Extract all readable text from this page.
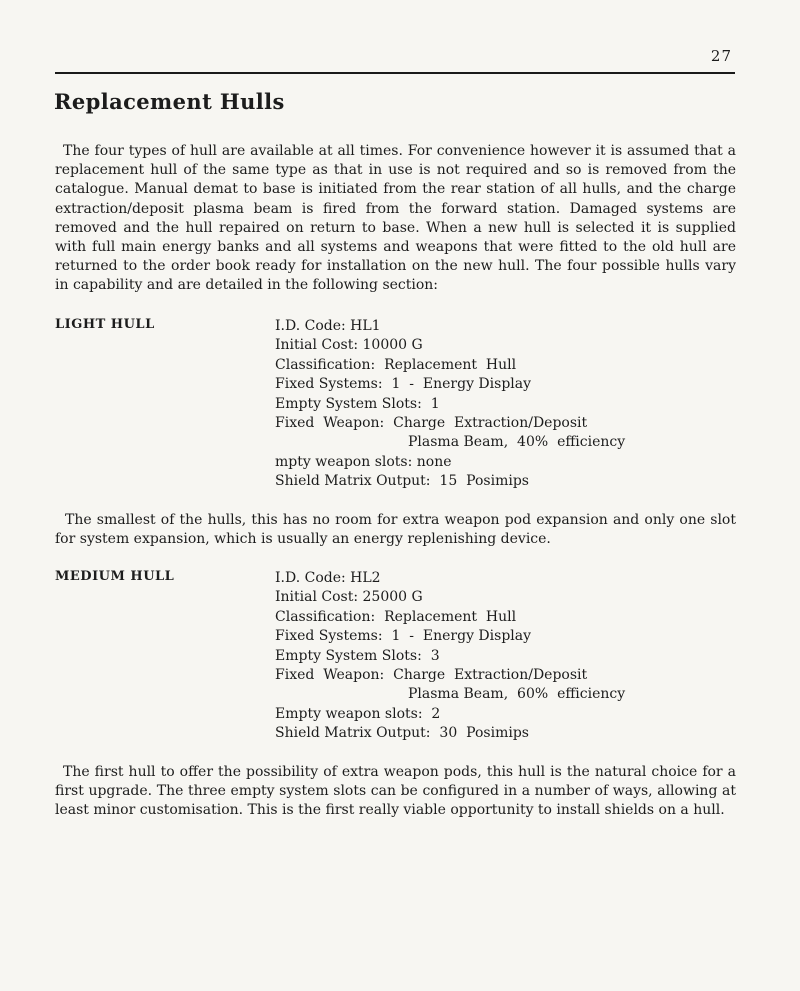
27
Replacement Hulls

The four types of hull are available at all times. For convenience however it is assumed that a replacement hull of the same type as that in use is not required and so is removed from the catalogue. Manual demat to base is initiated from the rear station of all hulls, and the charge extraction/deposit plasma beam is fired from the forward station. Damaged systems are removed and the hull repaired on return to base. When a new hull is selected it is supplied with full main energy banks and all systems and weapons that were fitted to the old hull are returned to the order book ready for installation on the new hull. The four possible hulls vary in capability and are detailed in the following section:

LIGHT HULL	I.D. Code: HL1
Initial Cost: 10000 G
Classification:  Replacement  Hull
Fixed Systems:  1  -  Energy Display
Empty System Slots:  1
Fixed  Weapon:  Charge  Extraction/Deposit
Plasma Beam,  40%  efficiency
mpty weapon slots: none
Shield Matrix Output:  15  Posimips

The smallest of the hulls, this has no room for extra weapon pod expansion and only one slot for system expansion, which is usually an energy replenishing device.

MEDIUM HULL	I.D. Code: HL2
Initial Cost: 25000 G
Classification:  Replacement  Hull
Fixed Systems:  1  -  Energy Display
Empty System Slots:  3
Fixed  Weapon:  Charge  Extraction/Deposit
Plasma Beam,  60%  efficiency
Empty weapon slots:  2
Shield Matrix Output:  30  Posimips

The first hull to offer the possibility of extra weapon pods, this hull is the natural choice for a first upgrade. The three empty system slots can be configured in a number of ways, allowing at least minor customisation. This is the first really viable opportunity to install shields on a hull.
